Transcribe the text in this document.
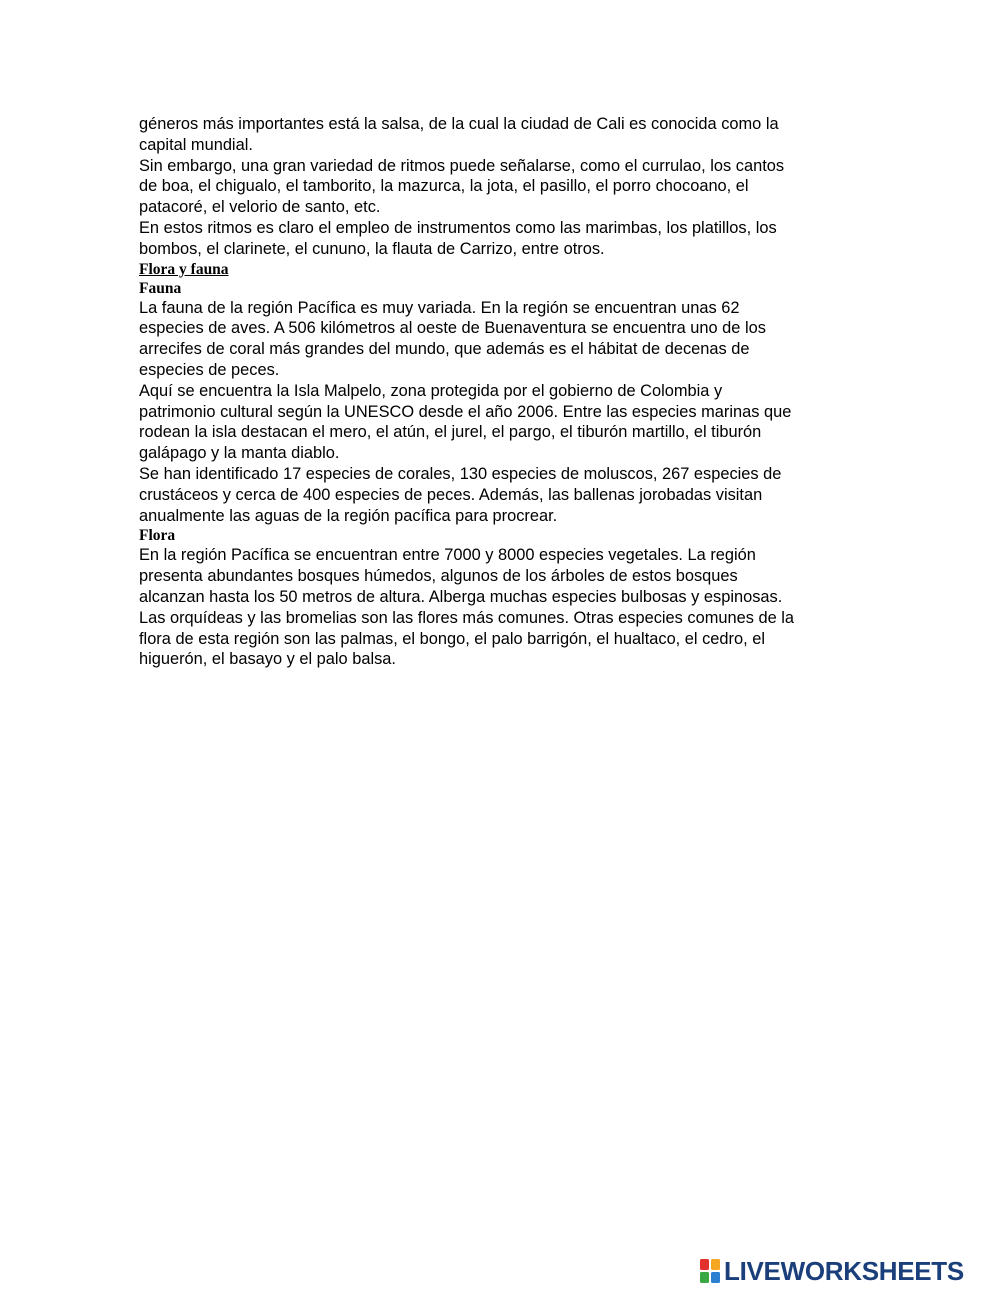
géneros más importantes está la salsa, de la cual la ciudad de Cali es conocida como la
capital mundial.

Sin embargo, una gran variedad de ritmos puede señalarse, como el currulao, los cantos
de boa, el chigualo, el tamborito, la mazurca, la jota, el pasillo, el porro chocoano, el
patacoré, el velorio de santo, etc.

En estos ritmos es claro el empleo de instrumentos como las marimbas, los platillos, los
bombos, el clarinete, el cununo, la flauta de Carrizo, entre otros.

Flora y fauna

Fauna

La fauna de la región Pacífica es muy variada. En la región se encuentran unas 62
especies de aves. A 506 kilómetros al oeste de Buenaventura se encuentra uno de los
arrecifes de coral más grandes del mundo, que además es el hábitat de decenas de
especies de peces.

Aquí se encuentra la Isla Malpelo, zona protegida por el gobierno de Colombia y
patrimonio cultural según la UNESCO desde el año 2006. Entre las especies marinas que
rodean la isla destacan el mero, el atún, el jurel, el pargo, el tiburón martillo, el tiburón
galápago y la manta diablo.

Se han identificado 17 especies de corales, 130 especies de moluscos, 267 especies de
crustáceos y cerca de 400 especies de peces. Además, las ballenas jorobadas visitan
anualmente las aguas de la región pacífica para procrear.

Flora

En la región Pacífica se encuentran entre 7000 y 8000 especies vegetales. La región
presenta abundantes bosques húmedos, algunos de los árboles de estos bosques
alcanzan hasta los 50 metros de altura. Alberga muchas especies bulbosas y espinosas.
Las orquídeas y las bromelias son las flores más comunes. Otras especies comunes de la
flora de esta región son las palmas, el bongo, el palo barrigón, el hualtaco, el cedro, el
higuerón, el basayo y el palo balsa.

LIVEWORKSHEETS
